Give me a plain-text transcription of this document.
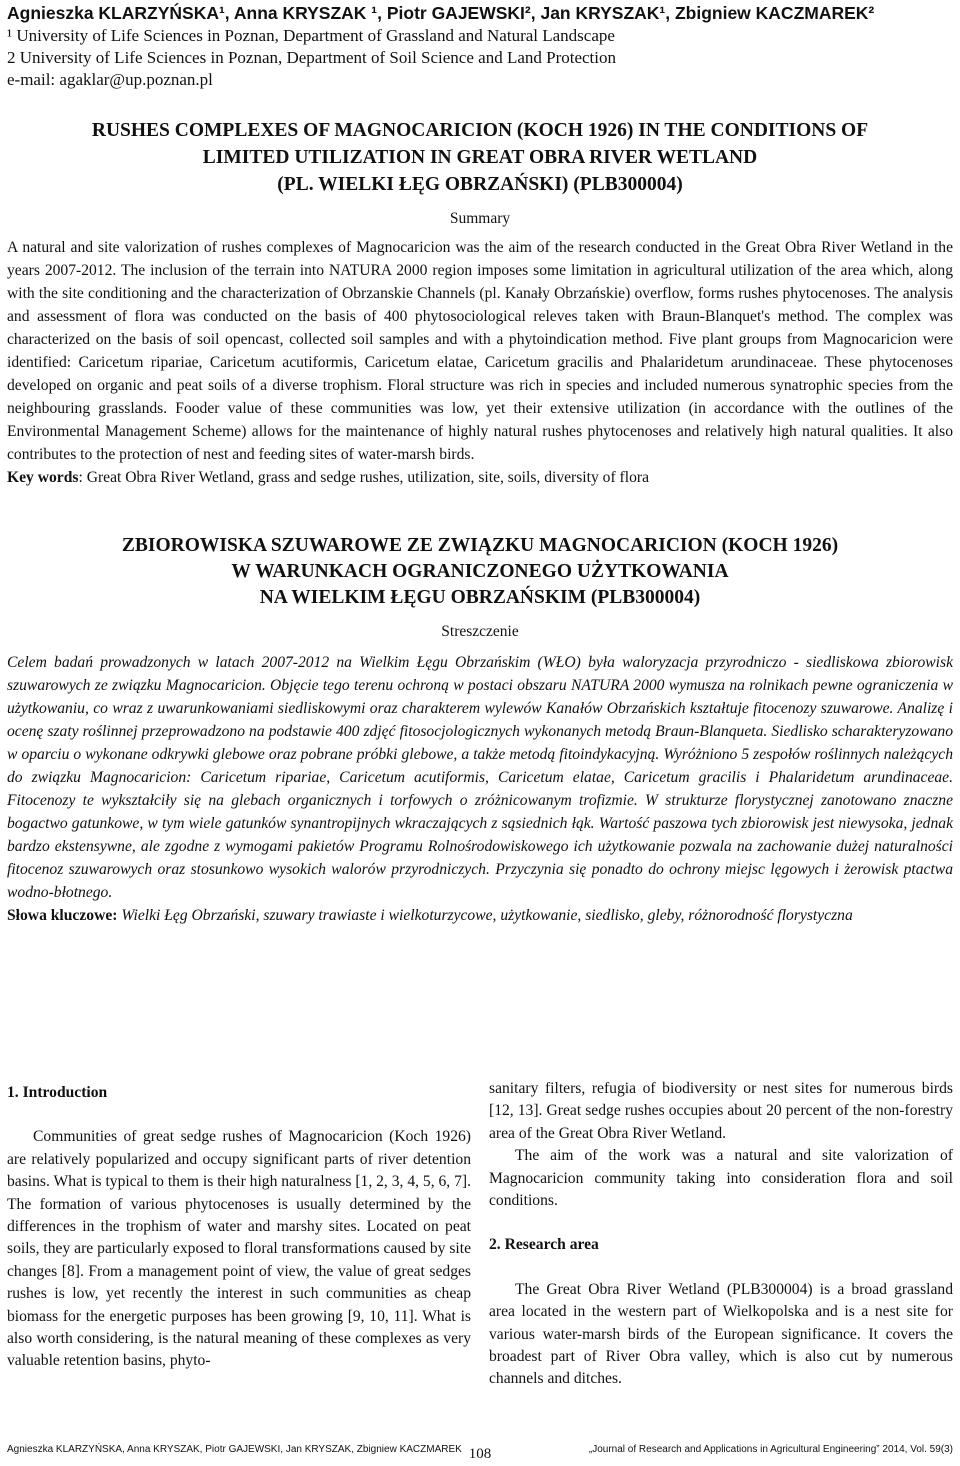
Agnieszka KLARZYŃSKA¹, Anna KRYSZAK ¹, Piotr GAJEWSKI², Jan KRYSZAK¹, Zbigniew KACZMAREK²
¹ University of Life Sciences in Poznan, Department of Grassland and Natural Landscape
2 University of Life Sciences in Poznan, Department of Soil Science and Land Protection
e-mail: agaklar@up.poznan.pl
RUSHES COMPLEXES OF MAGNOCARICION (KOCH 1926) IN THE CONDITIONS OF
LIMITED UTILIZATION IN GREAT OBRA RIVER WETLAND
(PL. WIELKI ŁĘG OBRZAŃSKI) (PLB300004)
Summary

A natural and site valorization of rushes complexes of Magnocaricion was the aim of the research conducted in the Great Obra River Wetland in the years 2007-2012. The inclusion of the terrain into NATURA 2000 region imposes some limitation in agricultural utilization of the area which, along with the site conditioning and the characterization of Obrzanskie Channels (pl. Kanały Obrzańskie) overflow, forms rushes phytocenoses. The analysis and assessment of flora was conducted on the basis of 400 phytosociological releves taken with Braun-Blanquet's method. The complex was characterized on the basis of soil opencast, collected soil samples and with a phytoindication method. Five plant groups from Magnocaricion were identified: Caricetum ripariae, Caricetum acutiformis, Caricetum elatae, Caricetum gracilis and Phalaridetum arundinaceae. These phytocenoses developed on organic and peat soils of a diverse trophism. Floral structure was rich in species and included numerous synatrophic species from the neighbouring grasslands. Fooder value of these communities was low, yet their extensive utilization (in accordance with the outlines of the Environmental Management Scheme) allows for the maintenance of highly natural rushes phytocenoses and relatively high natural qualities. It also contributes to the protection of nest and feeding sites of water-marsh birds.

Key words: Great Obra River Wetland, grass and sedge rushes, utilization, site, soils, diversity of flora

ZBIOROWISKA SZUWAROWE ZE ZWIĄZKU MAGNOCARICION (KOCH 1926)
W WARUNKACH OGRANICZONEGO UŻYTKOWANIA
NA WIELKIM ŁĘGU OBRZAŃSKIM (PLB300004)
Streszczenie

Celem badań prowadzonych w latach 2007-2012 na Wielkim Łęgu Obrzańskim (WŁO) była waloryzacja przyrodniczo - siedliskowa zbiorowisk szuwarowych ze związku Magnocaricion. Objęcie tego terenu ochroną w postaci obszaru NATURA 2000 wymusza na rolnikach pewne ograniczenia w użytkowaniu, co wraz z uwarunkowaniami siedliskowymi oraz charakterem wylewów Kanałów Obrzańskich kształtuje fitocenozy szuwarowe. Analizę i ocenę szaty roślinnej przeprowadzono na podstawie 400 zdjęć fitosocjologicznych wykonanych metodą Braun-Blanqueta. Siedlisko scharakteryzowano w oparciu o wykonane odkrywki glebowe oraz pobrane próbki glebowe, a także metodą fitoindykacyjną. Wyróżniono 5 zespołów roślinnych należących do związku Magnocaricion: Caricetum ripariae, Caricetum acutiformis, Caricetum elatae, Caricetum gracilis i Phalaridetum arundinaceae. Fitocenozy te wykształciły się na glebach organicznych i torfowych o zróżnicowanym trofizmie. W strukturze florystycznej zanotowano znaczne bogactwo gatunkowe, w tym wiele gatunków synantropijnych wkraczających z sąsiednich łąk. Wartość paszowa tych zbiorowisk jest niewysoka, jednak bardzo ekstensywne, ale zgodne z wymogami pakietów Programu Rolnośrodowiskowego ich użytkowanie pozwala na zachowanie dużej naturalności fitocenoz szuwarowych oraz stosunkowo wysokich walorów przyrodniczych. Przyczynia się ponadto do ochrony miejsc lęgowych i żerowisk ptactwa wodno-błotnego.

Słowa kluczowe: Wielki Łęg Obrzański, szuwary trawiaste i wielkoturzycowe, użytkowanie, siedlisko, gleby, różnorodność florystyczna

1. Introduction

Communities of great sedge rushes of Magnocaricion (Koch 1926) are relatively popularized and occupy significant parts of river detention basins. What is typical to them is their high naturalness [1, 2, 3, 4, 5, 6, 7]. The formation of various phytocenoses is usually determined by the differences in the trophism of water and marshy sites. Located on peat soils, they are particularly exposed to floral transformations caused by site changes [8]. From a management point of view, the value of great sedges rushes is low, yet recently the interest in such communities as cheap biomass for the energetic purposes has been growing [9, 10, 11]. What is also worth considering, is the natural meaning of these complexes as very valuable retention basins, phyto-

sanitary filters, refugia of biodiversity or nest sites for numerous birds [12, 13]. Great sedge rushes occupies about 20 percent of the non-forestry area of the Great Obra River Wetland.

The aim of the work was a natural and site valorization of Magnocaricion community taking into consideration flora and soil conditions.

2. Research area

The Great Obra River Wetland (PLB300004) is a broad grassland area located in the western part of Wielkopolska and is a nest site for various water-marsh birds of the European significance. It covers the broadest part of River Obra valley, which is also cut by numerous channels and ditches.

Agnieszka KLARZYŃSKA, Anna KRYSZAK, Piotr GAJEWSKI, Jan KRYSZAK, Zbigniew KACZMAREK 108	„Journal of Research and Applications in Agricultural Engineering” 2014, Vol. 59(3)
